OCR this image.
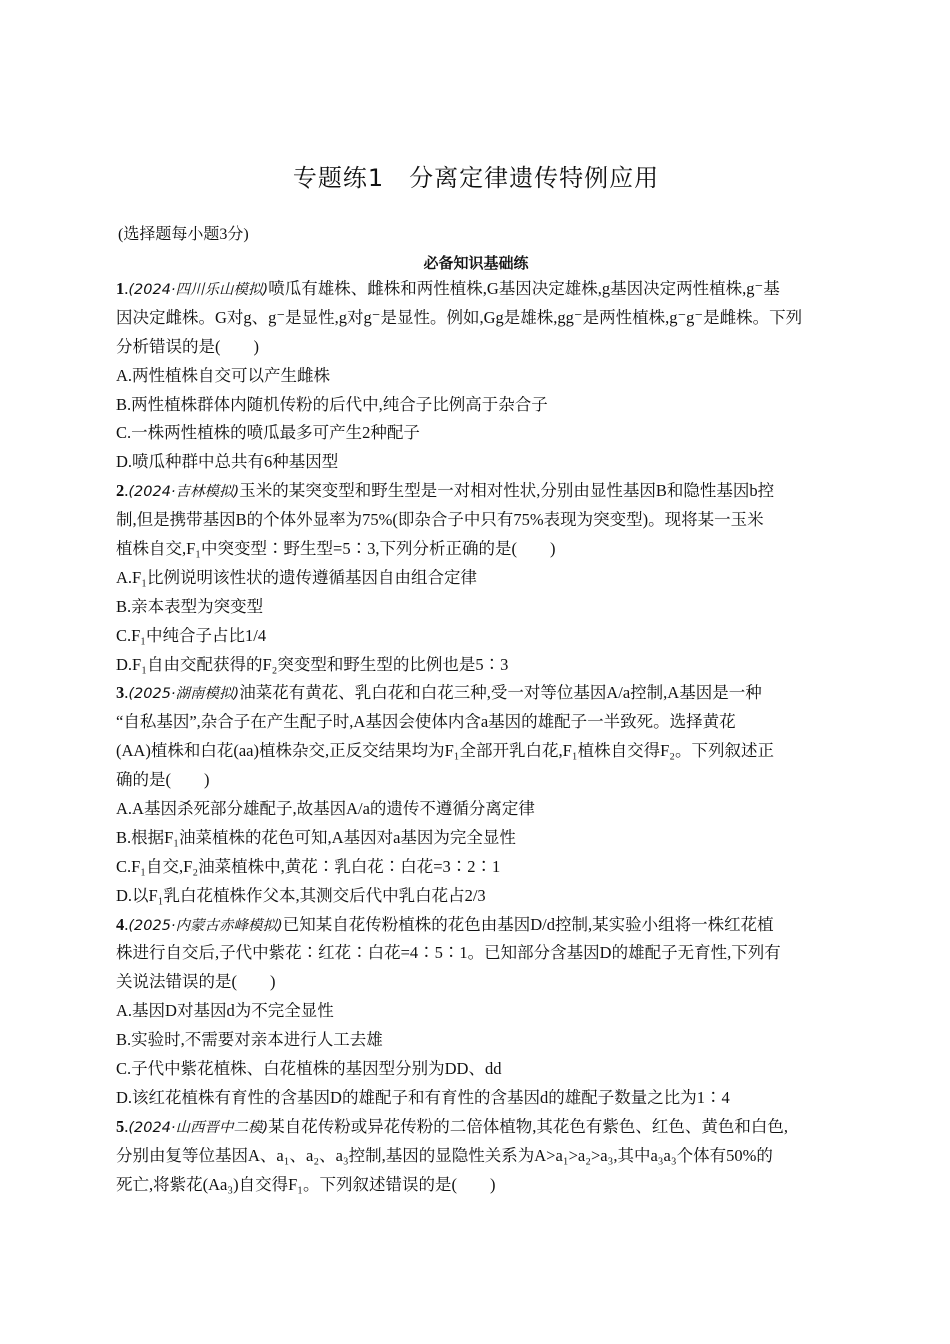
专题练1　分离定律遗传特例应用
(选择题每小题3分)
必备知识基础练
1.(2024·四川乐山模拟)喷瓜有雄株、雌株和两性植株,G基因决定雄株,g基因决定两性植株,g⁻基
因决定雌株。G对g、g⁻是显性,g对g⁻是显性。例如,Gg是雄株,gg⁻是两性植株,g⁻g⁻是雌株。下列
分析错误的是(　　)
A.两性植株自交可以产生雌株
B.两性植株群体内随机传粉的后代中,纯合子比例高于杂合子
C.一株两性植株的喷瓜最多可产生2种配子
D.喷瓜种群中总共有6种基因型
2.(2024·吉林模拟)玉米的某突变型和野生型是一对相对性状,分别由显性基因B和隐性基因b控
制,但是携带基因B的个体外显率为75%(即杂合子中只有75%表现为突变型)。现将某一玉米
植株自交,F₁中突变型∶野生型=5∶3,下列分析正确的是(　　)
A.F₁比例说明该性状的遗传遵循基因自由组合定律
B.亲本表型为突变型
C.F₁中纯合子占比1/4
D.F₁自由交配获得的F₂突变型和野生型的比例也是5∶3
3.(2025·湖南模拟)油菜花有黄花、乳白花和白花三种,受一对等位基因A/a控制,A基因是一种
“自私基因”,杂合子在产生配子时,A基因会使体内含a基因的雄配子一半致死。选择黄花
(AA)植株和白花(aa)植株杂交,正反交结果均为F₁全部开乳白花,F₁植株自交得F₂。下列叙述正
确的是(　　)
A.A基因杀死部分雄配子,故基因A/a的遗传不遵循分离定律
B.根据F₁油菜植株的花色可知,A基因对a基因为完全显性
C.F₁自交,F₂油菜植株中,黄花∶乳白花∶白花=3∶2∶1
D.以F₁乳白花植株作父本,其测交后代中乳白花占2/3
4.(2025·内蒙古赤峰模拟)已知某自花传粉植株的花色由基因D/d控制,某实验小组将一株红花植
株进行自交后,子代中紫花∶红花∶白花=4∶5∶1。已知部分含基因D的雄配子无育性,下列有
关说法错误的是(　　)
A.基因D对基因d为不完全显性
B.实验时,不需要对亲本进行人工去雄
C.子代中紫花植株、白花植株的基因型分别为DD、dd
D.该红花植株有育性的含基因D的雄配子和有育性的含基因d的雄配子数量之比为1∶4
5.(2024·山西晋中二模)某自花传粉或异花传粉的二倍体植物,其花色有紫色、红色、黄色和白色,
分别由复等位基因A、a₁、a₂、a₃控制,基因的显隐性关系为A>a₁>a₂>a₃,其中a₃a₃个体有50%的
死亡,将紫花(Aa₃)自交得F₁。下列叙述错误的是(　　)
